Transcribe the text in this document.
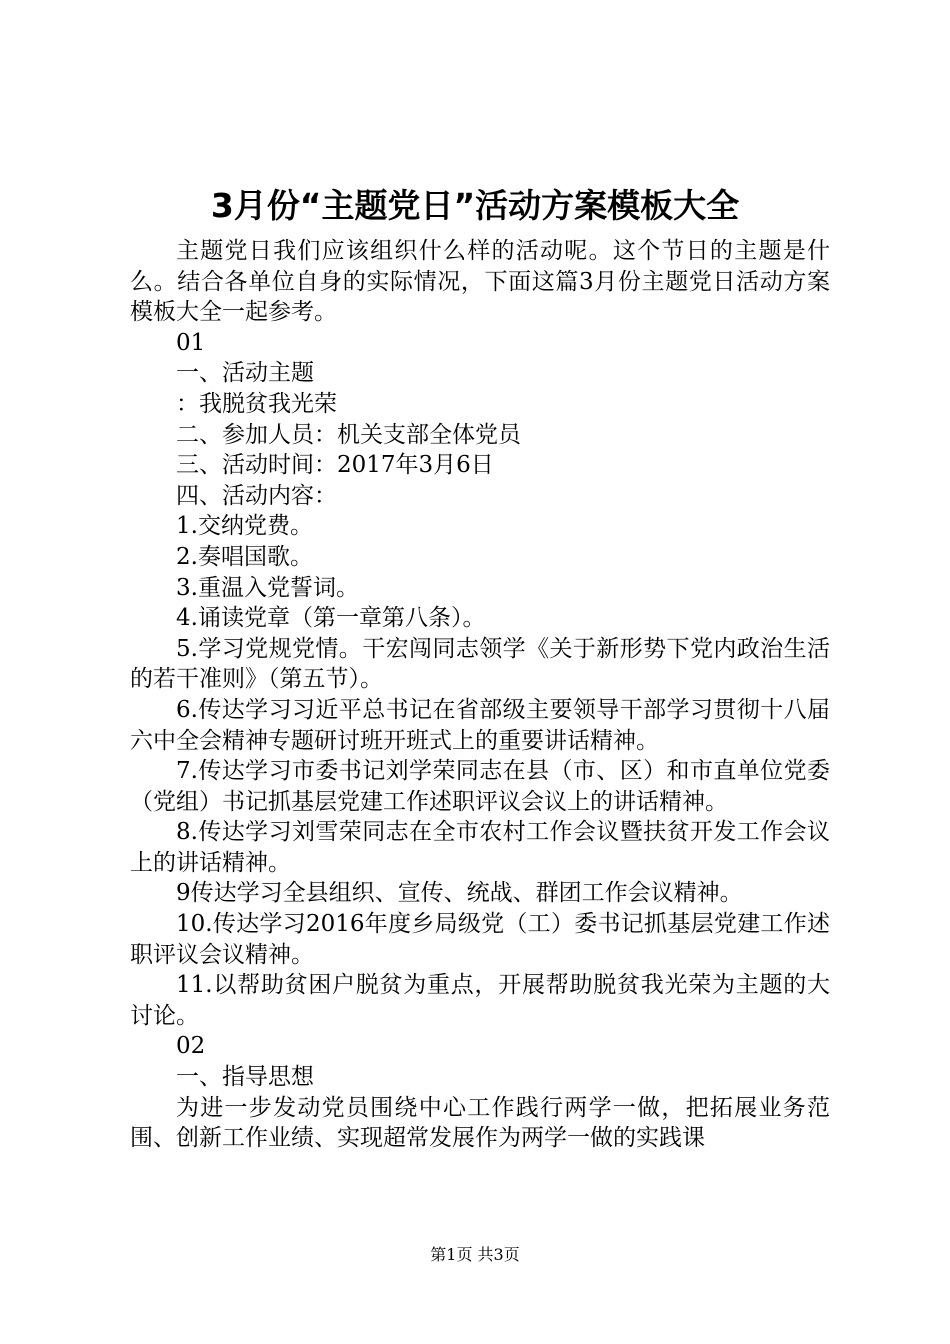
3月份“主题党日”活动方案模板大全

主题党日我们应该组织什么样的活动呢。这个节日的主题是什么。结合各单位自身的实际情况，下面这篇3月份主题党日活动方案模板大全一起参考。

01

一、活动主题

：我脱贫我光荣

二、参加人员：机关支部全体党员

三、活动时间：2017年3月6日

四、活动内容：

1.交纳党费。

2.奏唱国歌。

3.重温入党誓词。

4.诵读党章（第一章第八条）。

5.学习党规党情。干宏闯同志领学《关于新形势下党内政治生活的若干准则》（第五节）。

6.传达学习习近平总书记在省部级主要领导干部学习贯彻十八届六中全会精神专题研讨班开班式上的重要讲话精神。

7.传达学习市委书记刘学荣同志在县（市、区）和市直单位党委（党组）书记抓基层党建工作述职评议会议上的讲话精神。

8.传达学习刘雪荣同志在全市农村工作会议暨扶贫开发工作会议上的讲话精神。

9传达学习全县组织、宣传、统战、群团工作会议精神。

10.传达学习2016年度乡局级党（工）委书记抓基层党建工作述职评议会议精神。

11.以帮助贫困户脱贫为重点，开展帮助脱贫我光荣为主题的大讨论。

02

一、指导思想

为进一步发动党员围绕中心工作践行两学一做，把拓展业务范围、创新工作业绩、实现超常发展作为两学一做的实践课

第1页 共3页
